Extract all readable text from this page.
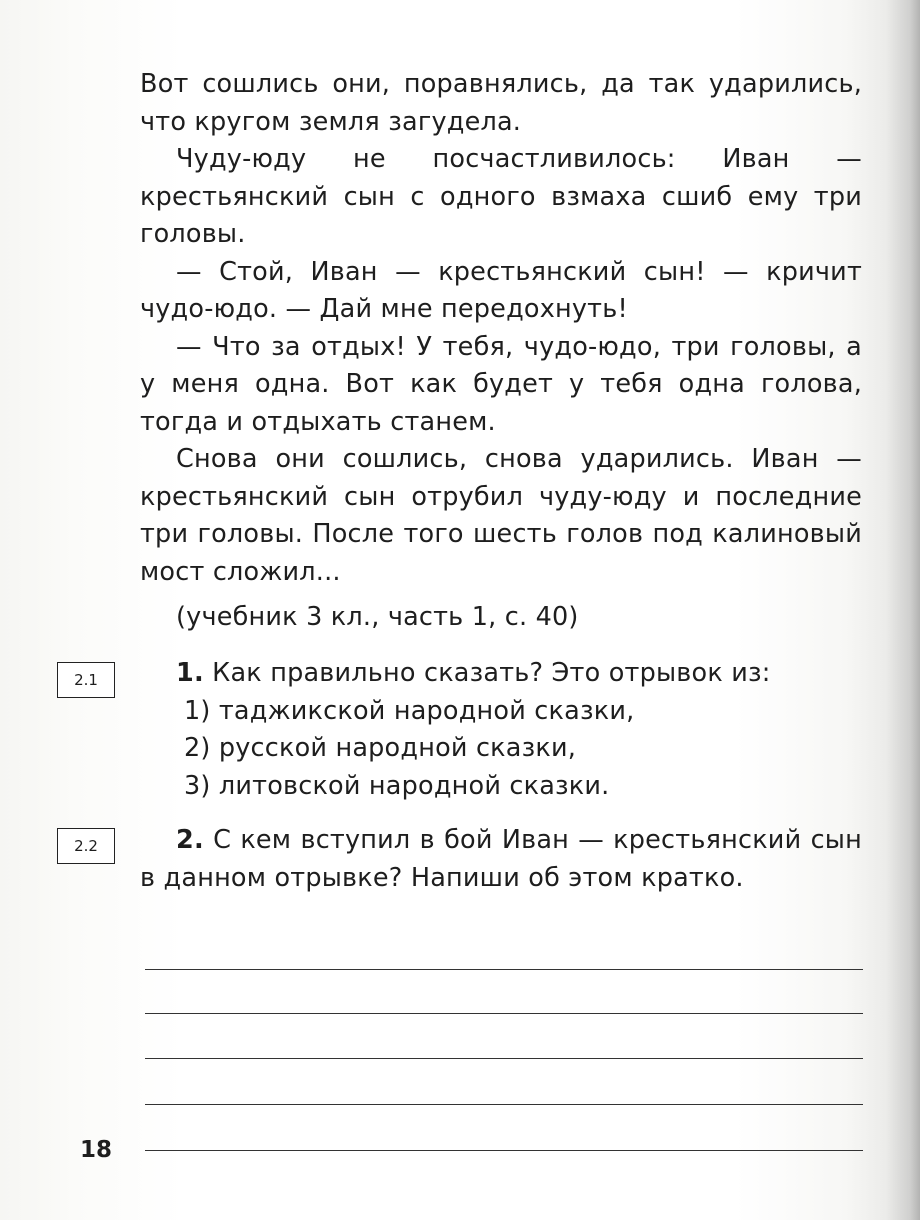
Вот сошлись они, поравнялись, да так ударились, что кругом земля загудела.

Чуду-юду не посчастливилось: Иван — крестьянский сын с одного взмаха сшиб ему три головы.

— Стой, Иван — крестьянский сын! — кричит чудо-юдо. — Дай мне передохнуть!

— Что за отдых! У тебя, чудо-юдо, три головы, а у меня одна. Вот как будет у тебя одна голова, тогда и отдыхать станем.

Снова они сошлись, снова ударились. Иван — крестьянский сын отрубил чуду-юду и последние три головы. После того шесть голов под калиновый мост сложил...

(учебник 3 кл., часть 1, с. 40)
2.1	1. Как правильно сказать? Это отрывок из:

1) таджикской народной сказки,

2) русской народной сказки,

3) литовской народной сказки.

2.2	2. С кем вступил в бой Иван — крестьянский сын в данном отрывке? Напиши об этом кратко.

18
